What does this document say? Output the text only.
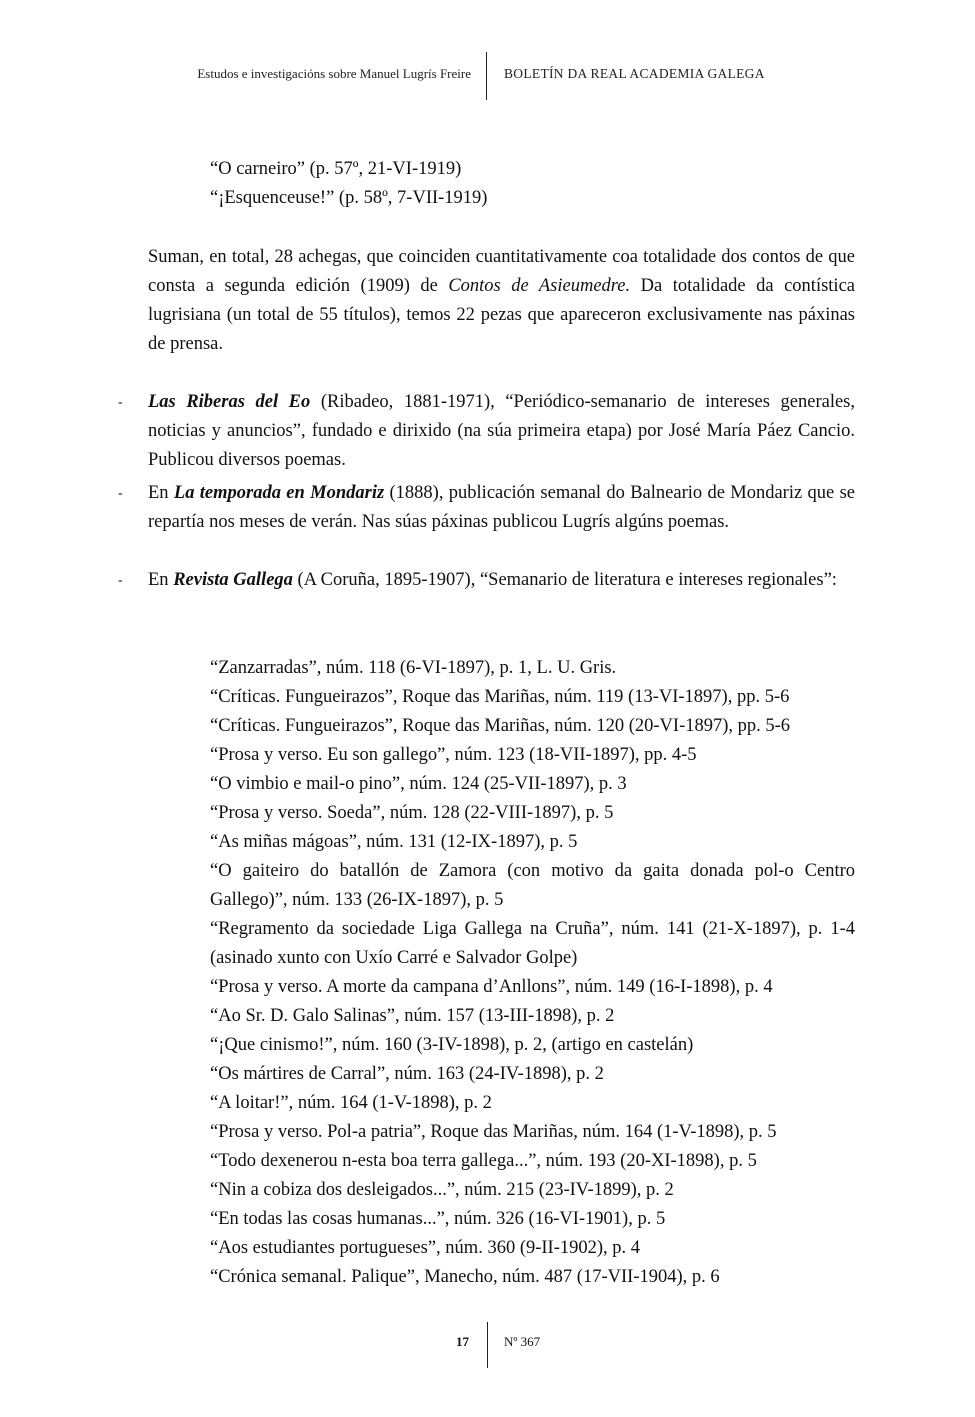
Estudos e investigacións sobre Manuel Lugrís Freire BOLETÍN DA REAL ACADEMIA GALEGA
“O carneiro” (p. 57º, 21-VI-1919)
“¡Esquenceuse!” (p. 58º, 7-VII-1919)
Suman, en total, 28 achegas, que coinciden cuantitativamente coa totalidade dos contos de que consta a segunda edición (1909) de Contos de Asieumedre. Da totalidade da contística lugrisiana (un total de 55 títulos), temos 22 pezas que apareceron exclusivamente nas páxinas de prensa.
- Las Riberas del Eo (Ribadeo, 1881-1971), “Periódico-semanario de intereses generales, noticias y anuncios”, fundado e dirixido (na súa primeira etapa) por José María Páez Cancio. Publicou diversos poemas.
- En La temporada en Mondariz (1888), publicación semanal do Balneario de Mondariz que se repartía nos meses de verán. Nas súas páxinas publicou Lugrís algúns poemas.
- En Revista Gallega (A Coruña, 1895-1907), “Semanario de literatura e intereses regionales”:
“Zanzarradas”, núm. 118 (6-VI-1897), p. 1, L. U. Gris.
“Críticas. Fungueirazos”, Roque das Mariñas, núm. 119 (13-VI-1897), pp. 5-6
“Críticas. Fungueirazos”, Roque das Mariñas, núm. 120 (20-VI-1897), pp. 5-6
“Prosa y verso. Eu son gallego”, núm. 123 (18-VII-1897), pp. 4-5
“O vimbio e mail-o pino”, núm. 124 (25-VII-1897), p. 3
“Prosa y verso. Soeda”, núm. 128 (22-VIII-1897), p. 5
“As miñas mágoas”, núm. 131 (12-IX-1897), p. 5
“O gaiteiro do batallón de Zamora (con motivo da gaita donada pol-o Centro Gallego)”, núm. 133 (26-IX-1897), p. 5
“Regramento da sociedade Liga Gallega na Cruña”, núm. 141 (21-X-1897), p. 1-4 (asinado xunto con Uxío Carré e Salvador Golpe)
“Prosa y verso. A morte da campana d’Anllons”, núm. 149 (16-I-1898), p. 4
“Ao Sr. D. Galo Salinas”, núm. 157 (13-III-1898), p. 2
“¡Que cinismo!”, núm. 160 (3-IV-1898), p. 2, (artigo en castelán)
“Os mártires de Carral”, núm. 163 (24-IV-1898), p. 2
“A loitar!”, núm. 164 (1-V-1898), p. 2
“Prosa y verso. Pol-a patria”, Roque das Mariñas, núm. 164 (1-V-1898), p. 5
“Todo dexenerou n-esta boa terra gallega...”, núm. 193 (20-XI-1898), p. 5
“Nin a cobiza dos desleigados...”, núm. 215 (23-IV-1899), p. 2
“En todas las cosas humanas...”, núm. 326 (16-VI-1901), p. 5
“Aos estudiantes portugueses”, núm. 360 (9-II-1902), p. 4
“Crónica semanal. Palique”, Manecho, núm. 487 (17-VII-1904), p. 6
17	Nº 367
